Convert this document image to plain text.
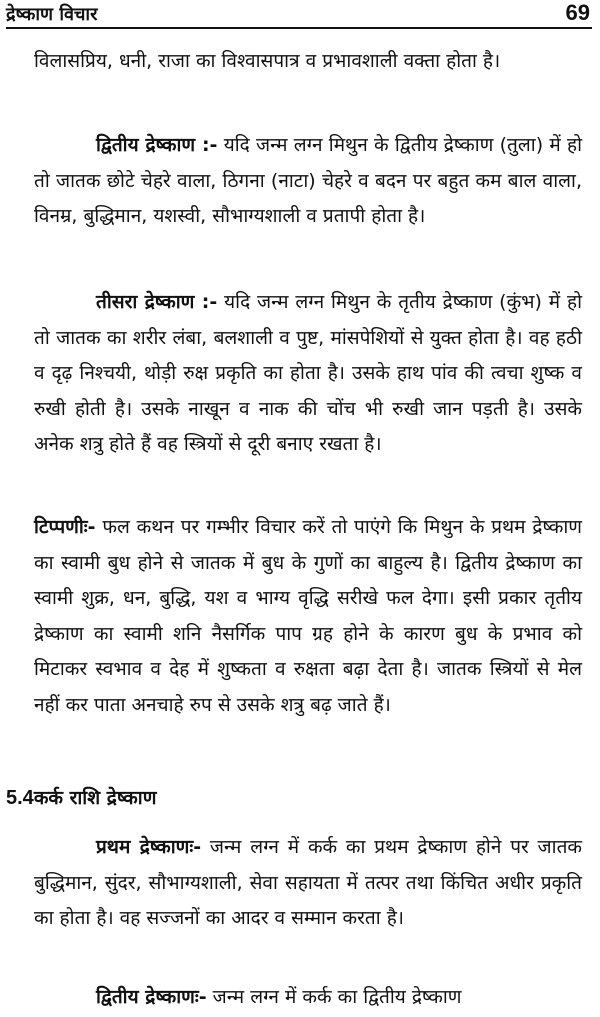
द्रेष्काण विचार	69

विलासप्रिय, धनी, राजा का विश्वासपात्र व प्रभावशाली वक्ता होता है।

द्वितीय द्रेष्काण :- यदि जन्म लग्न मिथुन के द्वितीय द्रेष्काण (तुला) में हो तो जातक छोटे चेहरे वाला, ठिगना (नाटा) चेहरे व बदन पर बहुत कम बाल वाला, विनम्र, बुद्धिमान, यशस्वी, सौभाग्यशाली व प्रतापी होता है।

तीसरा द्रेष्काण :- यदि जन्म लग्न मिथुन के तृतीय द्रेष्काण (कुंभ) में हो तो जातक का शरीर लंबा, बलशाली व पुष्ट, मांसपेशियों से युक्त होता है। वह हठी व दृढ़ निश्चयी, थोड़ी रुक्ष प्रकृति का होता है। उसके हाथ पांव की त्वचा शुष्क व रुखी होती है। उसके नाखून व नाक की चोंच भी रुखी जान पड़ती है। उसके अनेक शत्रु होते हैं वह स्त्रियों से दूरी बनाए रखता है।

टिप्पणीः- फल कथन पर गम्भीर विचार करें तो पाएंगे कि मिथुन के प्रथम द्रेष्काण का स्वामी बुध होने से जातक में बुध के गुणों का बाहुल्य है। द्वितीय द्रेष्काण का स्वामी शुक्र, धन, बुद्धि, यश व भाग्य वृद्धि सरीखे फल देगा। इसी प्रकार तृतीय द्रेष्काण का स्वामी शनि नैसर्गिक पाप ग्रह होने के कारण बुध के प्रभाव को मिटाकर स्वभाव व देह में शुष्कता व रुक्षता बढ़ा देता है। जातक स्त्रियों से मेल नहीं कर पाता अनचाहे रुप से उसके शत्रु बढ़ जाते हैं।

5.4कर्क राशि द्रेष्काण

प्रथम द्रेष्काणः- जन्म लग्न में कर्क का प्रथम द्रेष्काण होने पर जातक बुद्धिमान, सुंदर, सौभाग्यशाली, सेवा सहायता में तत्पर तथा किंचित अधीर प्रकृति का होता है। वह सज्जनों का आदर व सम्मान करता है।

द्वितीय द्रेष्काणः- जन्म लग्न में कर्क का द्वितीय द्रेष्काण
